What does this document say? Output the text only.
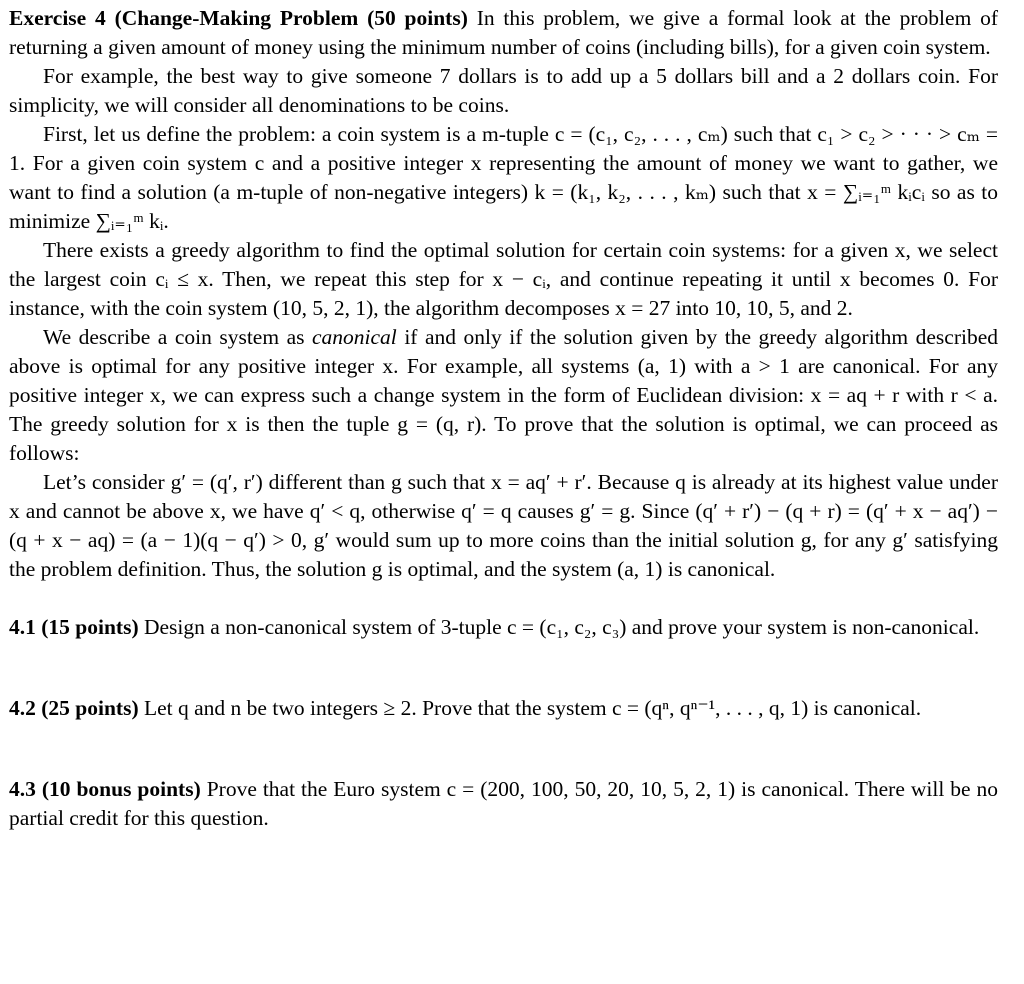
Exercise 4 (Change-Making Problem (50 points) In this problem, we give a formal look at the problem of returning a given amount of money using the minimum number of coins (including bills), for a given coin system.

For example, the best way to give someone 7 dollars is to add up a 5 dollars bill and a 2 dollars coin. For simplicity, we will consider all denominations to be coins.

First, let us define the problem: a coin system is a m-tuple c = (c₁, c₂, . . . , cₘ) such that c₁ > c₂ > · · · > cₘ = 1. For a given coin system c and a positive integer x representing the amount of money we want to gather, we want to find a solution (a m-tuple of non-negative integers) k = (k₁, k₂, . . . , kₘ) such that x = ∑ᵢ₌₁ᵐ kᵢcᵢ so as to minimize ∑ᵢ₌₁ᵐ kᵢ.

There exists a greedy algorithm to find the optimal solution for certain coin systems: for a given x, we select the largest coin cᵢ ≤ x. Then, we repeat this step for x − cᵢ, and continue repeating it until x becomes 0. For instance, with the coin system (10, 5, 2, 1), the algorithm decomposes x = 27 into 10, 10, 5, and 2.

We describe a coin system as canonical if and only if the solution given by the greedy algorithm described above is optimal for any positive integer x. For example, all systems (a, 1) with a > 1 are canonical. For any positive integer x, we can express such a change system in the form of Euclidean division: x = aq + r with r < a. The greedy solution for x is then the tuple g = (q, r). To prove that the solution is optimal, we can proceed as follows:

Let’s consider g′ = (q′, r′) different than g such that x = aq′ + r′. Because q is already at its highest value under x and cannot be above x, we have q′ < q, otherwise q′ = q causes g′ = g. Since (q′ + r′) − (q + r) = (q′ + x − aq′) − (q + x − aq) = (a − 1)(q − q′) > 0, g′ would sum up to more coins than the initial solution g, for any g′ satisfying the problem definition. Thus, the solution g is optimal, and the system (a, 1) is canonical.

4.1 (15 points) Design a non-canonical system of 3-tuple c = (c₁, c₂, c₃) and prove your system is non-canonical.

4.2 (25 points) Let q and n be two integers ≥ 2. Prove that the system c = (qⁿ, qⁿ⁻¹, . . . , q, 1) is canonical.

4.3 (10 bonus points) Prove that the Euro system c = (200, 100, 50, 20, 10, 5, 2, 1) is canonical. There will be no partial credit for this question.
